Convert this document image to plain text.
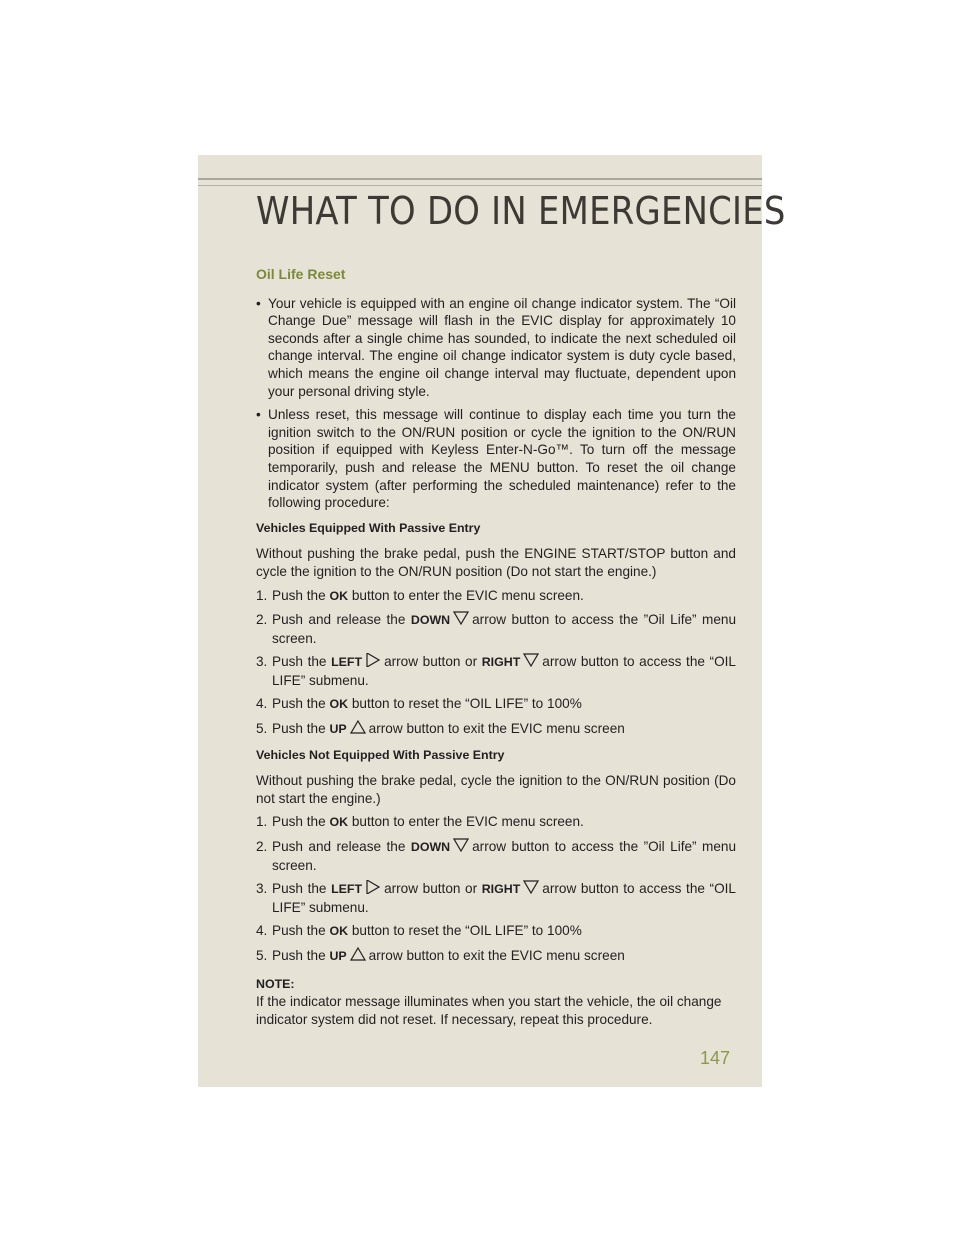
WHAT TO DO IN EMERGENCIES

Oil Life Reset

• Your vehicle is equipped with an engine oil change indicator system. The “Oil Change Due” message will flash in the EVIC display for approximately 10 seconds after a single chime has sounded, to indicate the next scheduled oil change interval. The engine oil change indicator system is duty cycle based, which means the engine oil change interval may fluctuate, dependent upon your personal driving style.

• Unless reset, this message will continue to display each time you turn the ignition switch to the ON/RUN position or cycle the ignition to the ON/RUN position if equipped with Keyless Enter-N-Go™. To turn off the message temporarily, push and release the MENU button. To reset the oil change indicator system (after performing the scheduled maintenance) refer to the following procedure:

Vehicles Equipped With Passive Entry

Without pushing the brake pedal, push the ENGINE START/STOP button and cycle the ignition to the ON/RUN position (Do not start the engine.)

1. Push the OK button to enter the EVIC menu screen.

2. Push and release the DOWN arrow button to access the ”Oil Life” menu screen.

3. Push the LEFT arrow button or RIGHT arrow button to access the “OIL LIFE” submenu.

4. Push the OK button to reset the “OIL LIFE” to 100%

5. Push the UP arrow button to exit the EVIC menu screen

Vehicles Not Equipped With Passive Entry

Without pushing the brake pedal, cycle the ignition to the ON/RUN position (Do not start the engine.)

1. Push the OK button to enter the EVIC menu screen.

2. Push and release the DOWN arrow button to access the ”Oil Life” menu screen.

3. Push the LEFT arrow button or RIGHT arrow button to access the “OIL LIFE” submenu.

4. Push the OK button to reset the “OIL LIFE” to 100%

5. Push the UP arrow button to exit the EVIC menu screen

NOTE:

If the indicator message illuminates when you start the vehicle, the oil change indicator system did not reset. If necessary, repeat this procedure.

147
